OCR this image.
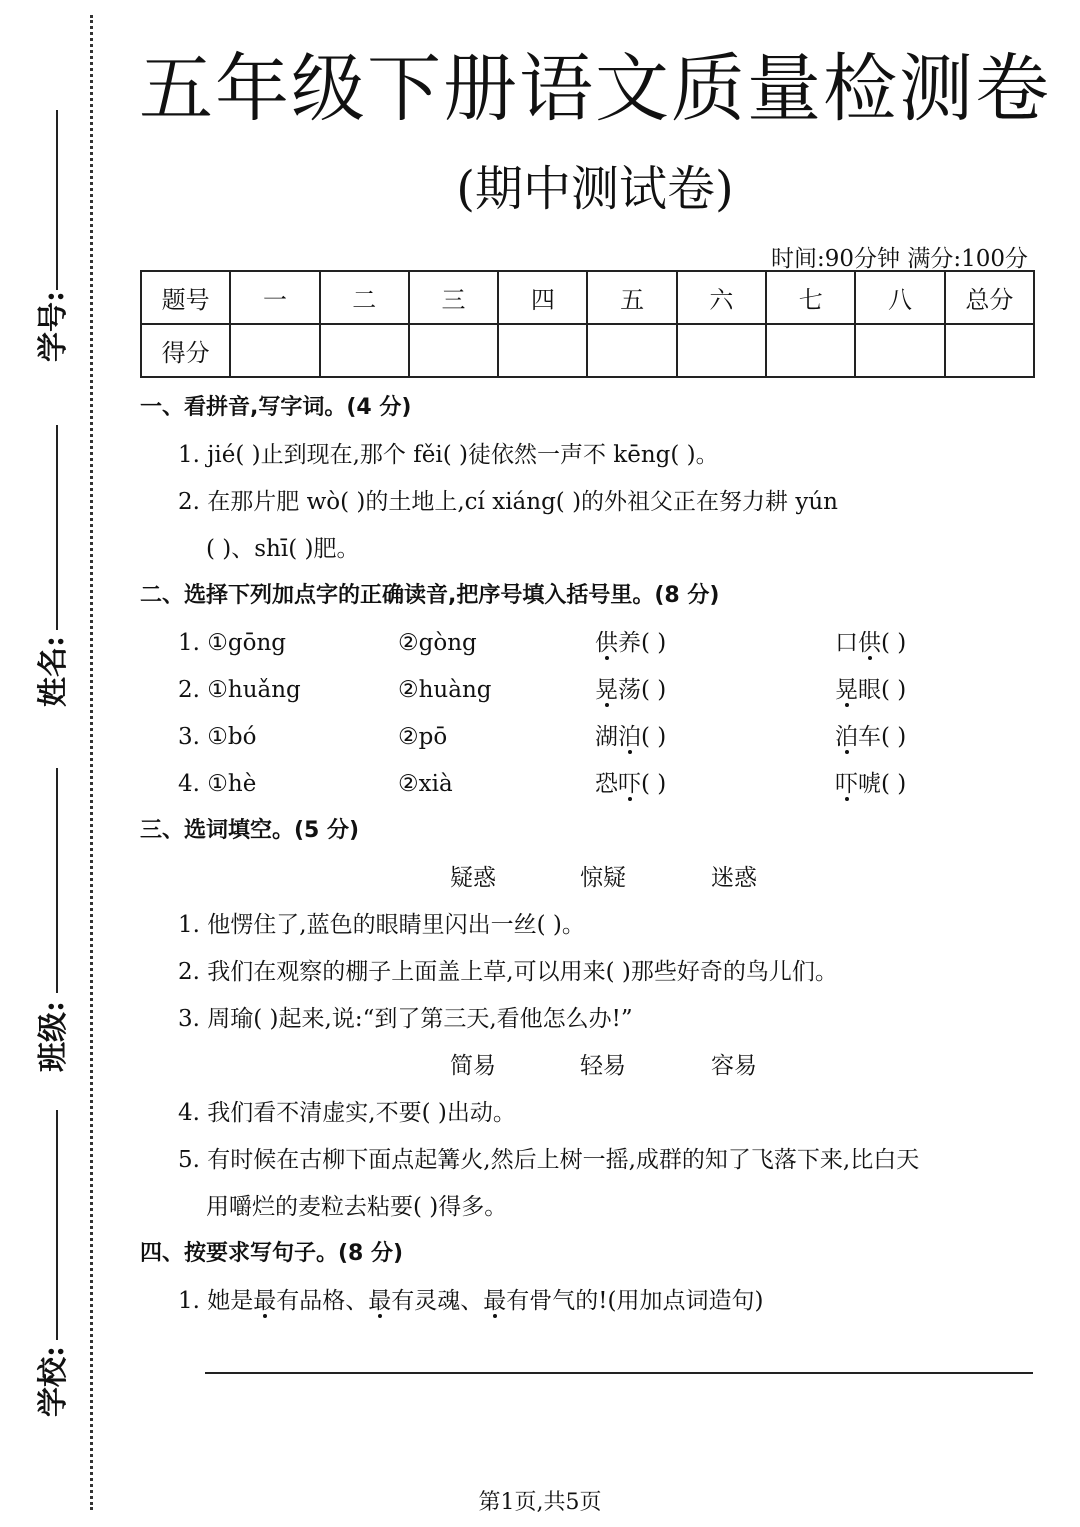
学号:
姓名:
班级:
学校:
五年级下册语文质量检测卷
(期中测试卷)
时间:90分钟 满分:100分
题号	一	二	三	四	五	六	七	八	总分
得分									
一、看拼音,写字词。(4 分)
1. jié( )止到现在,那个 fěi( )徒依然一声不 kēng( )。
2. 在那片肥 wò( )的土地上,cí xiáng( )的外祖父正在努力耕 yún
( )、shī( )肥。
二、选择下列加点字的正确读音,把序号填入括号里。(8 分)
1. ①gōng	②gòng	供养( )	口供( )
2. ①huǎng	②huàng	晃荡( )	晃眼( )
3. ①bó	②pō	湖泊( )	泊车( )
4. ①hè	②xià	恐吓( )	吓唬( )
三、选词填空。(5 分)
疑惑	惊疑	迷惑
1. 他愣住了,蓝色的眼睛里闪出一丝( )。
2. 我们在观察的棚子上面盖上草,可以用来( )那些好奇的鸟儿们。
3. 周瑜( )起来,说:“到了第三天,看他怎么办!”
简易	轻易	容易
4. 我们看不清虚实,不要( )出动。
5. 有时候在古柳下面点起篝火,然后上树一摇,成群的知了飞落下来,比白天
用嚼烂的麦粒去粘要( )得多。
四、按要求写句子。(8 分)
1. 她是最有品格、最有灵魂、最有骨气的!(用加点词造句)
第1页,共5页
